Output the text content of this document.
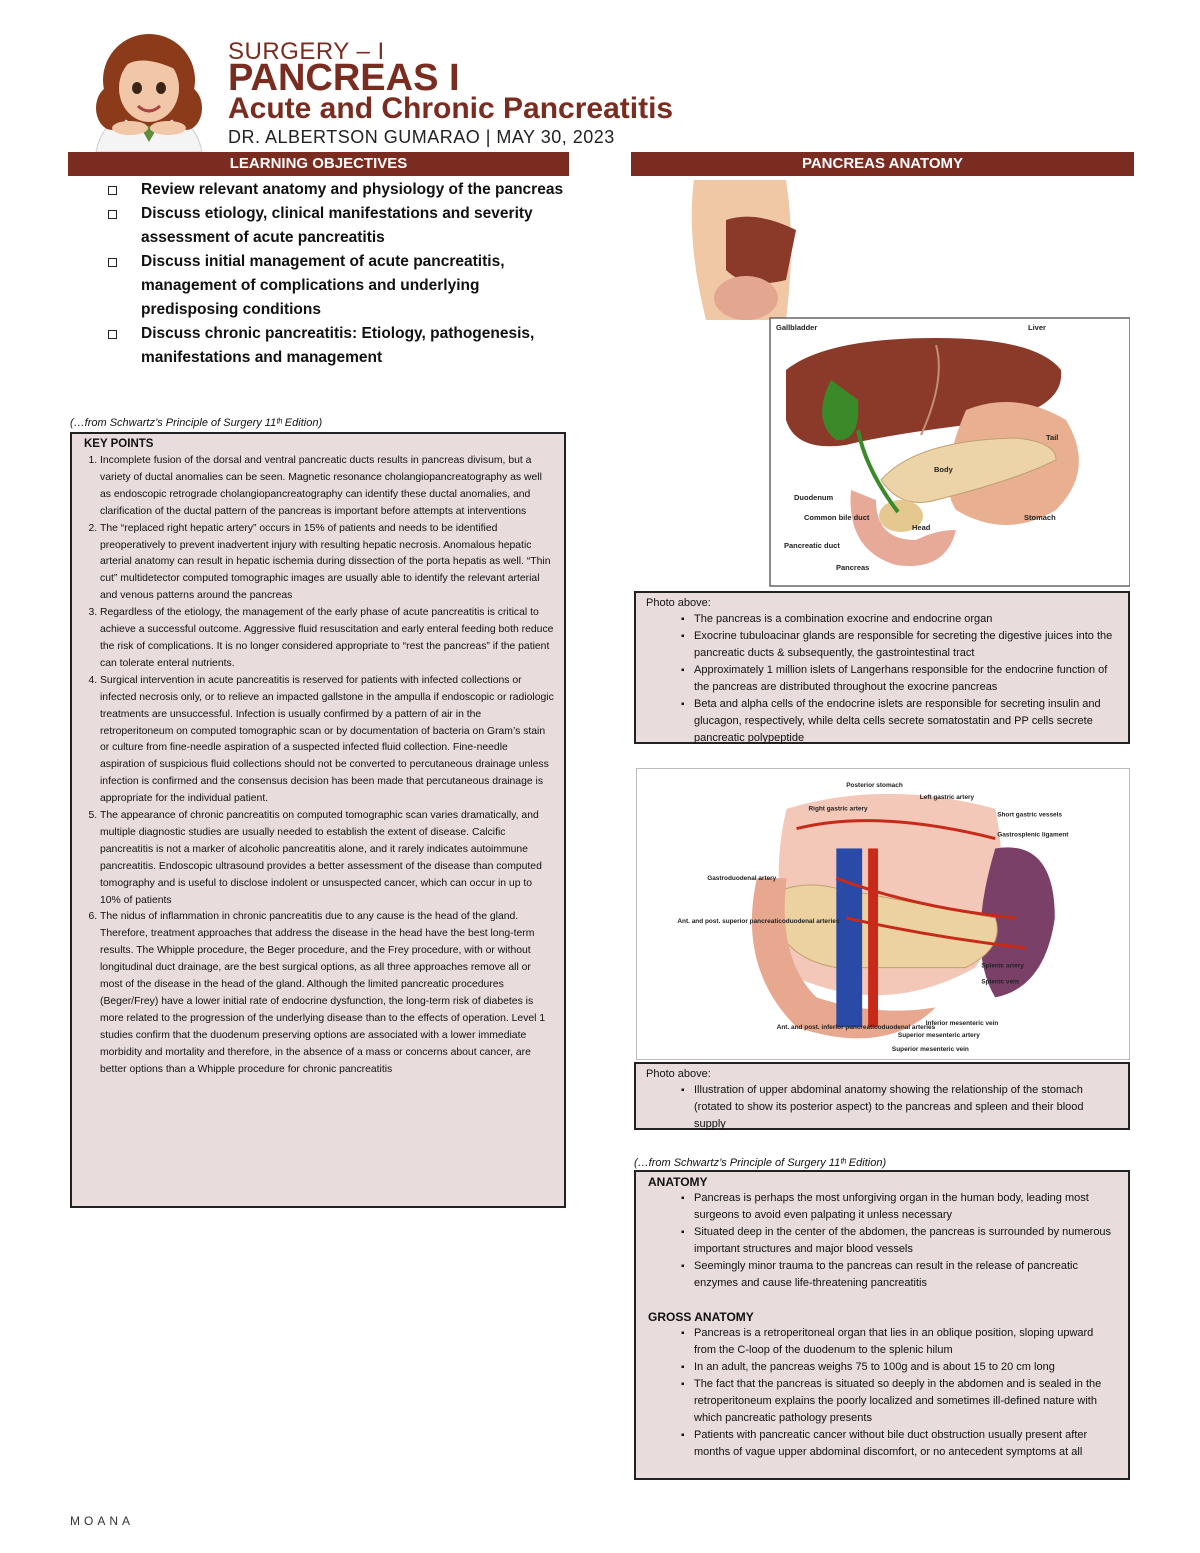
SURGERY – I
PANCREAS I
Acute and Chronic Pancreatitis
DR. ALBERTSON GUMARAO | MAY 30, 2023
LEARNING OBJECTIVES
Review relevant anatomy and physiology of the pancreas
Discuss etiology, clinical manifestations and severity assessment of acute pancreatitis
Discuss initial management of acute pancreatitis, management of complications and underlying predisposing conditions
Discuss chronic pancreatitis: Etiology, pathogenesis, manifestations and management
(…from Schwartz’s Principle of Surgery 11ᵗʰ Edition)
KEY POINTS
1. Incomplete fusion of the dorsal and ventral pancreatic ducts results in pancreas divisum, but a variety of ductal anomalies can be seen. Magnetic resonance cholangiopancreatography as well as endoscopic retrograde cholangiopancreatography can identify these ductal anomalies, and clarification of the ductal pattern of the pancreas is important before attempts at interventions
2. The “replaced right hepatic artery” occurs in 15% of patients and needs to be identified preoperatively to prevent inadvertent injury with resulting hepatic necrosis. Anomalous hepatic arterial anatomy can result in hepatic ischemia during dissection of the porta hepatis as well. “Thin cut” multidetector computed tomographic images are usually able to identify the relevant arterial and venous patterns around the pancreas
3. Regardless of the etiology, the management of the early phase of acute pancreatitis is critical to achieve a successful outcome. Aggressive fluid resuscitation and early enteral feeding both reduce the risk of complications. It is no longer considered appropriate to “rest the pancreas” if the patient can tolerate enteral nutrients.
4. Surgical intervention in acute pancreatitis is reserved for patients with infected collections or infected necrosis only, or to relieve an impacted gallstone in the ampulla if endoscopic or radiologic treatments are unsuccessful. Infection is usually confirmed by a pattern of air in the retroperitoneum on computed tomographic scan or by documentation of bacteria on Gram’s stain or culture from fine-needle aspiration of a suspected infected fluid collection. Fine-needle aspiration of suspicious fluid collections should not be converted to percutaneous drainage unless infection is confirmed and the consensus decision has been made that percutaneous drainage is appropriate for the individual patient.
5. The appearance of chronic pancreatitis on computed tomographic scan varies dramatically, and multiple diagnostic studies are usually needed to establish the extent of disease. Calcific pancreatitis is not a marker of alcoholic pancreatitis alone, and it rarely indicates autoimmune pancreatitis. Endoscopic ultrasound provides a better assessment of the disease than computed tomography and is useful to disclose indolent or unsuspected cancer, which can occur in up to 10% of patients
6. The nidus of inflammation in chronic pancreatitis due to any cause is the head of the gland. Therefore, treatment approaches that address the disease in the head have the best long-term results. The Whipple procedure, the Beger procedure, and the Frey procedure, with or without longitudinal duct drainage, are the best surgical options, as all three approaches remove all or most of the disease in the head of the gland. Although the limited pancreatic procedures (Beger/Frey) have a lower initial rate of endocrine dysfunction, the long-term risk of diabetes is more related to the progression of the underlying disease than to the effects of operation. Level 1 studies confirm that the duodenum preserving options are associated with a lower immediate morbidity and mortality and therefore, in the absence of a mass or concerns about cancer, are better options than a Whipple procedure for chronic pancreatitis
PANCREAS ANATOMY
Gallbladder	Liver
Tail
Body
Duodenum
Common bile duct	Stomach
Head
Pancreatic duct
Pancreas
Photo above:
▪ The pancreas is a combination exocrine and endocrine organ
▪ Exocrine tubuloacinar glands are responsible for secreting the digestive juices into the pancreatic ducts & subsequently, the gastrointestinal tract
▪ Approximately 1 million islets of Langerhans responsible for the endocrine function of the pancreas are distributed throughout the exocrine pancreas
▪ Beta and alpha cells of the endocrine islets are responsible for secreting insulin and glucagon, respectively, while delta cells secrete somatostatin and PP cells secrete pancreatic polypeptide
Posterior stomach
Right gastric artery
Left gastric artery
Short gastric vessels
Gastrosplenic ligament
Gastroduodenal artery
Ant. and post. superior pancreaticoduodenal arteries
Splenic artery
Splenic vein
Ant. and post. inferior pancreaticoduodenal arteries
Inferior mesenteric vein
Superior mesenteric artery
Superior mesenteric vein
Photo above:
▪ Illustration of upper abdominal anatomy showing the relationship of the stomach (rotated to show its posterior aspect) to the pancreas and spleen and their blood supply
(…from Schwartz’s Principle of Surgery 11ᵗʰ Edition)
ANATOMY
▪ Pancreas is perhaps the most unforgiving organ in the human body, leading most surgeons to avoid even palpating it unless necessary
▪ Situated deep in the center of the abdomen, the pancreas is surrounded by numerous important structures and major blood vessels
▪ Seemingly minor trauma to the pancreas can result in the release of pancreatic enzymes and cause life-threatening pancreatitis
GROSS ANATOMY
▪ Pancreas is a retroperitoneal organ that lies in an oblique position, sloping upward from the C-loop of the duodenum to the splenic hilum
▪ In an adult, the pancreas weighs 75 to 100g and is about 15 to 20 cm long
▪ The fact that the pancreas is situated so deeply in the abdomen and is sealed in the retroperitoneum explains the poorly localized and sometimes ill-defined nature with which pancreatic pathology presents
▪ Patients with pancreatic cancer without bile duct obstruction usually present after months of vague upper abdominal discomfort, or no antecedent symptoms at all
MOANA
